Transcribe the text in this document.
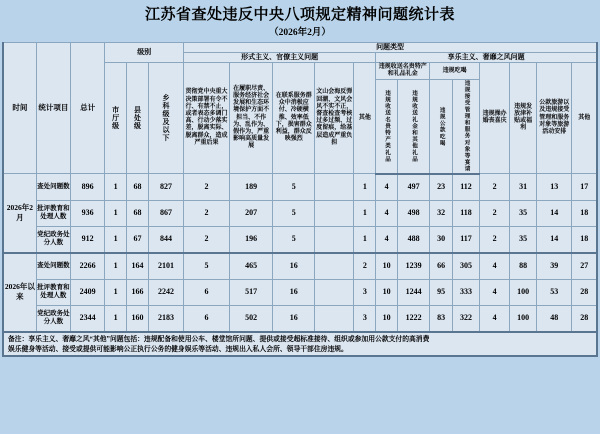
江苏省查处违反中央八项规定精神问题统计表
（2026年2月）
时间	统计项目	总计	级别			问题类型												
						形式主义、官僚主义问题					享乐主义、奢靡之风问题							

			市厅级	县处级	乡科级及以下	贯彻党中央重大决策部署有令不行、有禁不止，或者表态多调门高、行动少落实差，脱离实际、脱离群众，造成严重后果	在履职尽责、服务经济社会发展和生态环境保护方面不担当、不作为、乱作为、假作为，严重影响高质量发展	在联系服务群众中消极应付、冷硬横推、效率低下，损害群众利益，群众反映强烈	文山会海反弹回潮，文风会风不实不正，督查检查考核过多过频、过度留痕，给基层造成严重负担	其他	违规收送名贵特产和礼品礼金		违规吃喝		违规操办婚丧喜庆	违规发放津补贴或福利	公款旅游以及违规接受管理和服务对象等旅游活动安排	其他

											违规收送名贵特产类礼品	违规收送礼金和其他礼品	违规公款吃喝	违规接受管理和服务对象等宴请				

2026年2月	查处问题数	896	1	68	827	2	189	5		1	4	497	23	112	2	31	13	17
	批评教育和处理人数	936	1	68	867	2	207	5		1	4	498	32	118	2	35	14	18
	党纪政务处分人数	912	1	67	844	2	196	5		1	4	488	30	117	2	35	14	18
2026年以来	查处问题数	2266	1	164	2101	5	465	16		2	10	1239	66	305	4	88	39	27
	批评教育和处理人数	2409	1	166	2242	6	517	16		3	10	1244	95	333	4	100	53	28
	党纪政务处分人数	2344	1	160	2183	6	502	16		3	10	1222	83	322	4	100	48	28

备注：享乐主义、奢靡之风“其他”问题包括：违规配备和使用公车、楼堂馆所问题、提供或接受超标准接待、组织或参加用公款支付的高消费
娱乐健身等活动、接受或提供可能影响公正执行公务的健身娱乐等活动、违规出入私人会所、领导干部住房违规。																		
